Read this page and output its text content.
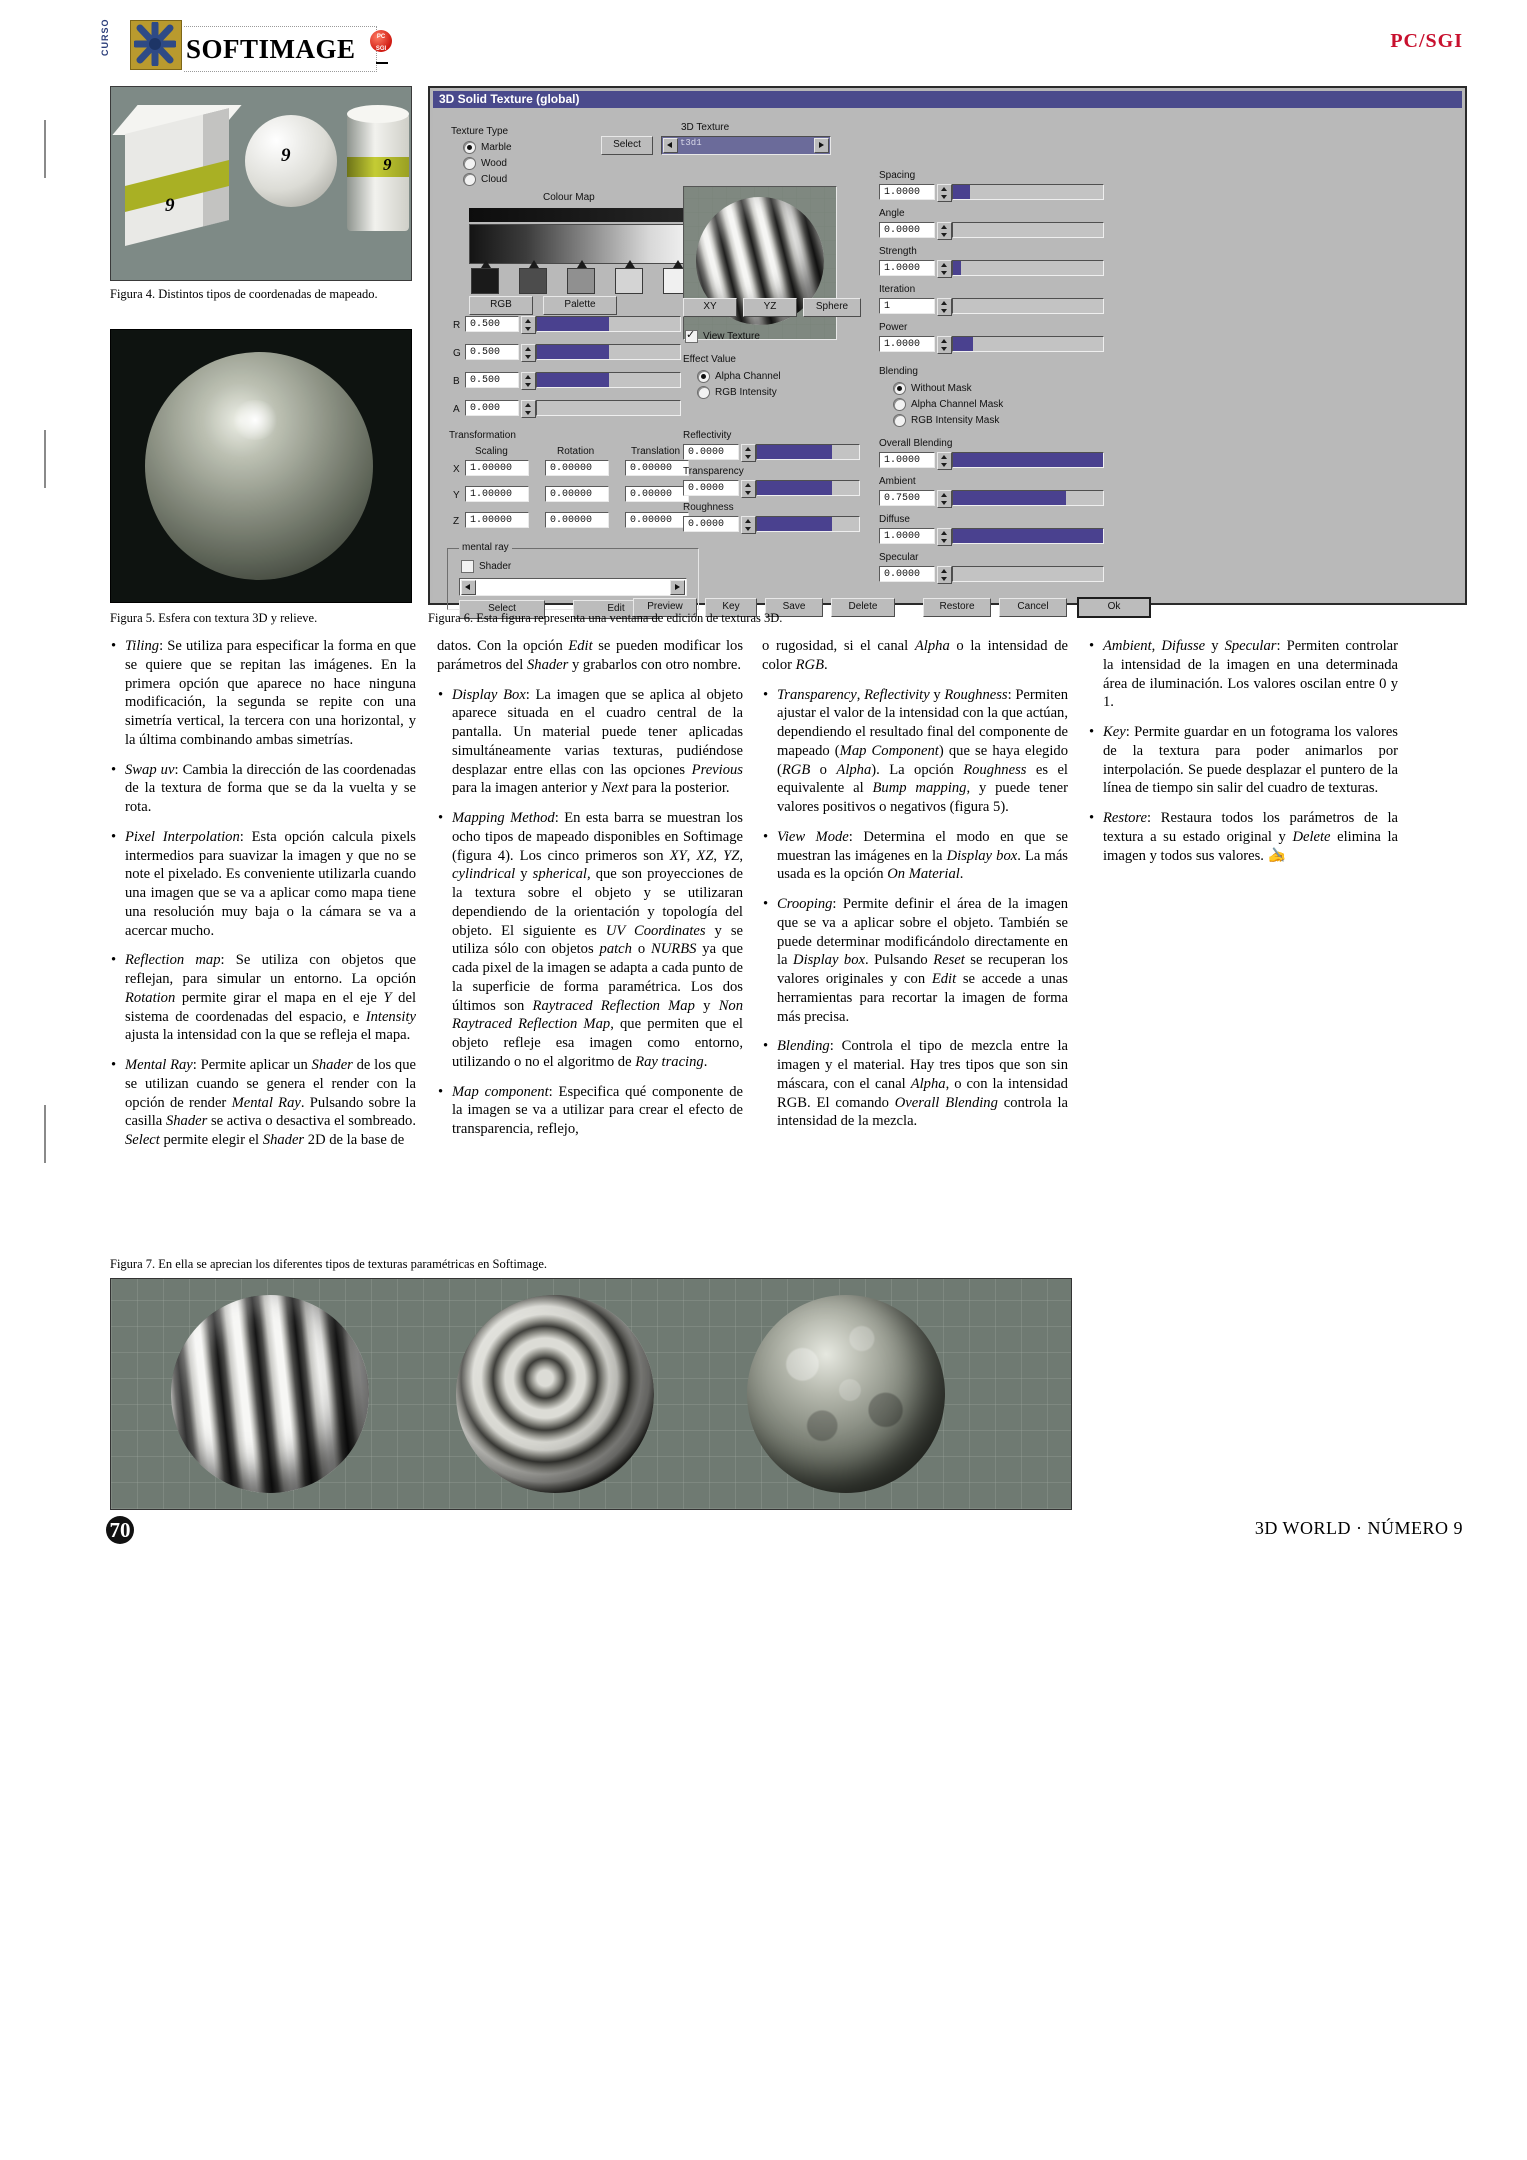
CURSO	SOFTIMAGE	PC
SGI	PC/SGI
9
9	9
Figura 4. Distintos tipos de coordenadas de mapeado.
Figura 5. Esfera con textura 3D y relieve.
3D Solid Texture (global)
Texture Type
Marble
Wood
Cloud
3D Texture
Select	t3d1
Colour Map
RGB	Palette
R 0.500
G 0.500
B	0.500
A	0.000
Transformation
Scaling	Rotation	Translation
X	1.00000	0.00000	0.00000
Y	1.00000	0.00000	0.00000
Z	1.00000	0.00000	0.00000
mental ray
Shader
Select	Edit
XY	YZ	Sphere
✓
View Texture
Effect Value
Alpha Channel
RGB Intensity
Reflectivity
0.0000
Transparency
0.0000
Roughness
0.0000
Spacing
1.0000
Angle
0.0000
Strength
1.0000
Iteration
1
Power
1.0000
Blending
Without Mask
Alpha Channel Mask
RGB Intensity Mask
Overall Blending
1.0000
Ambient
0.7500
Diffuse
1.0000
Specular
0.0000
Preview	Key	Save	Delete	Restore	Cancel	Ok
Figura 6. Esta figura representa una ventana de edición de texturas 3D.

• Tiling: Se utiliza para especificar la forma en que se quiere que se repitan las imágenes. En la primera opción que aparece no hace ninguna modificación, la segunda se repite con una simetría vertical, la tercera con una horizontal, y la última combinando ambas simetrías.

• Swap uv: Cambia la dirección de las coordenadas de la textura de forma que se da la vuelta y se rota.

• Pixel Interpolation: Esta opción calcula pixels intermedios para suavizar la imagen y que no se note el pixelado. Es conveniente utilizarla cuando una imagen que se va a aplicar como mapa tiene una resolución muy baja o la cámara se va a acercar mucho.

• Reflection map: Se utiliza con objetos que reflejan, para simular un entorno. La opción Rotation permite girar el mapa en el eje Y del sistema de coordenadas del espacio, e Intensity ajusta la intensidad con la que se refleja el mapa.

• Mental Ray: Permite aplicar un Shader de los que se utilizan cuando se genera el render con la opción de render Mental Ray. Pulsando sobre la casilla Shader se activa o desactiva el sombreado. Select permite elegir el Shader 2D de la base de

datos. Con la opción Edit se pueden modificar los parámetros del Shader y grabarlos con otro nombre.

• Display Box: La imagen que se aplica al objeto aparece situada en el cuadro central de la pantalla. Un material puede tener aplicadas simultáneamente varias texturas, pudiéndose desplazar entre ellas con las opciones Previous para la imagen anterior y Next para la posterior.

• Mapping Method: En esta barra se muestran los ocho tipos de mapeado disponibles en Softimage (figura 4). Los cinco primeros son XY, XZ, YZ, cylindrical y spherical, que son proyecciones de la textura sobre el objeto y se utilizaran dependiendo de la orientación y topología del objeto. El siguiente es UV Coordinates y se utiliza sólo con objetos patch o NURBS ya que cada pixel de la imagen se adapta a cada punto de la superficie de forma paramétrica. Los dos últimos son Raytraced Reflection Map y Non Raytraced Reflection Map, que permiten que el objeto refleje esa imagen como entorno, utilizando o no el algoritmo de Ray tracing.

• Map component: Especifica qué componente de la imagen se va a utilizar para crear el efecto de transparencia, reflejo,

o rugosidad, si el canal Alpha o la intensidad de color RGB.

• Transparency, Reflectivity y Roughness: Permiten ajustar el valor de la intensidad con la que actúan, dependiendo el resultado final del componente de mapeado (Map Component) que se haya elegido (RGB o Alpha). La opción Roughness es el equivalente al Bump mapping, y puede tener valores positivos o negativos (figura 5).

• View Mode: Determina el modo en que se muestran las imágenes en la Display box. La más usada es la opción On Material.

• Crooping: Permite definir el área de la imagen que se va a aplicar sobre el objeto. También se puede determinar modificándolo directamente en la Display box. Pulsando Reset se recuperan los valores originales y con Edit se accede a unas herramientas para recortar la imagen de forma más precisa.

• Blending: Controla el tipo de mezcla entre la imagen y el material. Hay tres tipos que son sin máscara, con el canal Alpha, o con la intensidad RGB. El comando Overall Blending controla la intensidad de la mezcla.

• Ambient, Difusse y Specular: Permiten controlar la intensidad de la imagen en una determinada área de iluminación. Los valores oscilan entre 0 y 1.

• Key: Permite guardar en un fotograma los valores de la textura para poder animarlos por interpolación. Se puede desplazar el puntero de la línea de tiempo sin salir del cuadro de texturas.

• Restore: Restaura todos los parámetros de la textura a su estado original y Delete elimina la imagen y todos sus valores. ✍

Figura 7. En ella se aprecian los diferentes tipos de texturas paramétricas en Softimage.
70	3D WORLD · NÚMERO 9
